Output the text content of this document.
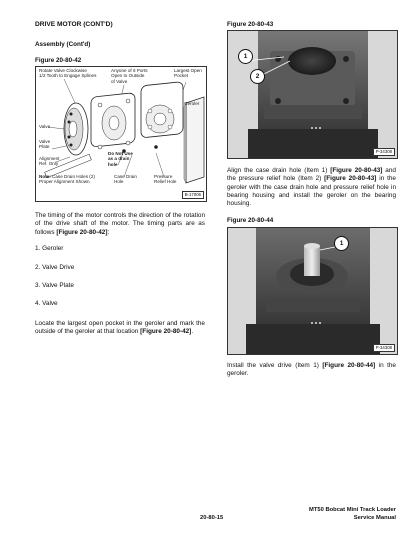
DRIVE MOTOR (CONT'D)
Assembly (Cont'd)
Figure 20-80-42
Rotate Valve Clockwise
1/2 Tooth to Engage Splines
Anyone of 6 Ports
Open to Outside
of Valve
Largest Open
Pocket
Geroler
Valve
Valve
Plate
Alignment
Ref. Only
Do Not Use
as a drain
hole
Note: Case Drain Holes (2)
Proper Alignment Shown
Case Drain
Hole
Pressure
Relief Hole
B-17006
The timing of the motor controls the direction of the rotation of the drive shaft of the motor. The timing parts are as follows [Figure 20-80-42]:
1. Geroler
2. Valve Drive
3. Valve Plate
4. Valve
Locate the largest open pocket in the geroler and mark the outside of the geroler at that location [Figure 20-80-42].
Figure 20-80-43
1
2
P-34308
Align the case drain hole (Item 1) [Figure 20-80-43] and the pressure relief hole (Item 2) [Figure 20-80-43] in the geroler with the case drain hole and pressure relief hole in bearing housing and install the geroler on the bearing housing.
Figure 20-80-44
1
P-34308
Install the valve drive (Item 1) [Figure 20-80-44] in the geroler.
20-80-15
MT50 Bobcat Mini Track Loader
Service Manual
